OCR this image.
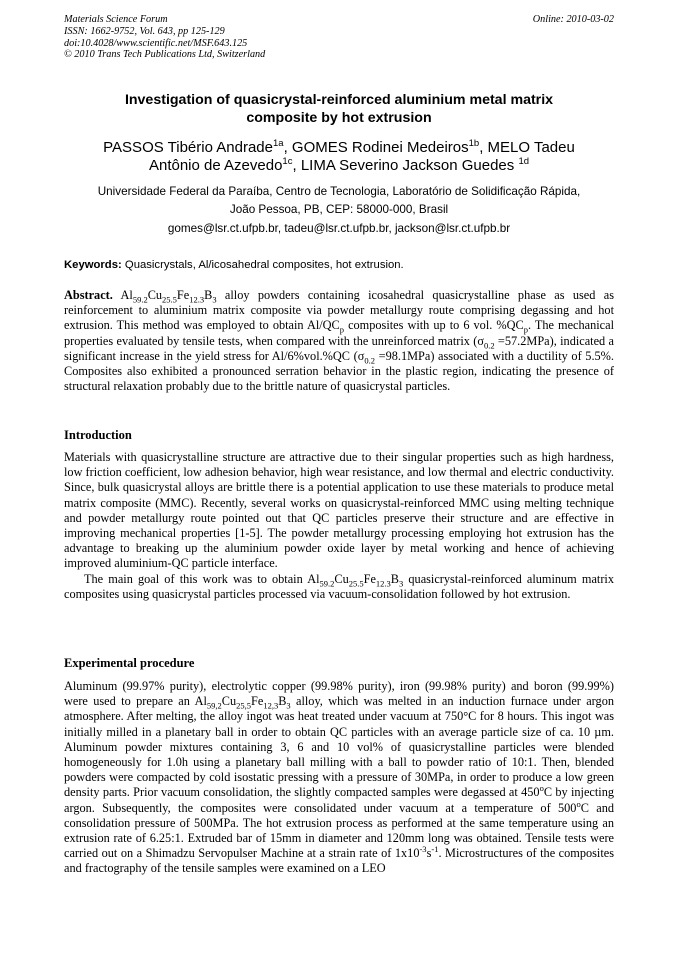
Materials Science Forum
ISSN: 1662-9752, Vol. 643, pp 125-129
doi:10.4028/www.scientific.net/MSF.643.125
© 2010 Trans Tech Publications Ltd, Switzerland
Online: 2010-03-02
Investigation of quasicrystal-reinforced aluminium metal matrix
composite by hot extrusion
PASSOS Tibério Andrade$^{1a}$, GOMES Rodinei Medeiros$^{1b}$, MELO Tadeu
Antônio de Azevedo$^{1c}$, LIMA Severino Jackson Guedes $^{1d}$
Universidade Federal da Paraíba, Centro de Tecnologia, Laboratório de Solidificação Rápida,
João Pessoa, PB, CEP: 58000-000, Brasil
gomes@lsr.ct.ufpb.br, tadeu@lsr.ct.ufpb.br, jackson@lsr.ct.ufpb.br
Keywords: Quasicrystals, Al/icosahedral composites, hot extrusion.
Abstract. $Al_{59.2}Cu_{25.5}Fe_{12.3}B_3$ alloy powders containing icosahedral quasicrystalline phase as used as reinforcement to aluminium matrix composite via powder metallurgy route comprising degassing and hot extrusion. This method was employed to obtain $Al/QC_p$ composites with up to 6 vol. $\%QC_p$. The mechanical properties evaluated by tensile tests, when compared with the unreinforced matrix $(\sigma_{0.2} =57.2MPa)$, indicated a significant increase in the yield stress for Al/6%vol.%QC $(\sigma_{0.2} =98.1MPa)$ associated with a ductility of 5.5%. Composites also exhibited a pronounced serration behavior in the plastic region, indicating the presence of structural relaxation probably due to the brittle nature of quasicrystal particles.
Introduction

Materials with quasicrystalline structure are attractive due to their singular properties such as high hardness, low friction coefficient, low adhesion behavior, high wear resistance, and low thermal and electric conductivity. Since, bulk quasicrystal alloys are brittle there is a potential application to use these materials to produce metal matrix composite (MMC). Recently, several works on quasicrystal-reinforced MMC using melting technique and powder metallurgy route pointed out that QC particles preserve their structure and are effective in improving mechanical properties [1-5]. The powder metallurgy processing employing hot extrusion has the advantage to breaking up the aluminium powder oxide layer by metal working and hence of achieving improved aluminium-QC particle interface.

The main goal of this work was to obtain $Al_{59.2}Cu_{25.5}Fe_{12.3}B_3$ quasicrystal-reinforced aluminum matrix composites using quasicrystal particles processed via vacuum-consolidation followed by hot extrusion.

Experimental procedure
Aluminum (99.97% purity), electrolytic copper (99.98% purity), iron (99.98% purity) and boron (99.99%) were used to prepare an $Al_{59,2}Cu_{25,5}Fe_{12,3}B_3$ alloy, which was melted in an induction furnace under argon atmosphere. After melting, the alloy ingot was heat treated under vacuum at 750°C for 8 hours. This ingot was initially milled in a planetary ball in order to obtain QC particles with an average particle size of ca. 10 µm. Aluminum powder mixtures containing 3, 6 and 10 vol% of quasicrystalline particles were blended homogeneously for 1.0h using a planetary ball milling with a ball to powder ratio of 10:1. Then, blended powders were compacted by cold isostatic pressing with a pressure of 30MPa, in order to produce a low green density parts. Prior vacuum consolidation, the slightly compacted samples were degassed at 450$^o$C by injecting argon. Subsequently, the composites were consolidated under vacuum at a temperature of 500$^o$C and consolidation pressure of 500MPa. The hot extrusion process as performed at the same temperature using an extrusion rate of 6.25:1. Extruded bar of 15mm in diameter and 120mm long was obtained. Tensile tests were carried out on a Shimadzu Servopulser Machine at a strain rate of $1x10^{-3}s^{-1}$. Microstructures of the composites and fractography of the tensile samples were examined on a LEO
